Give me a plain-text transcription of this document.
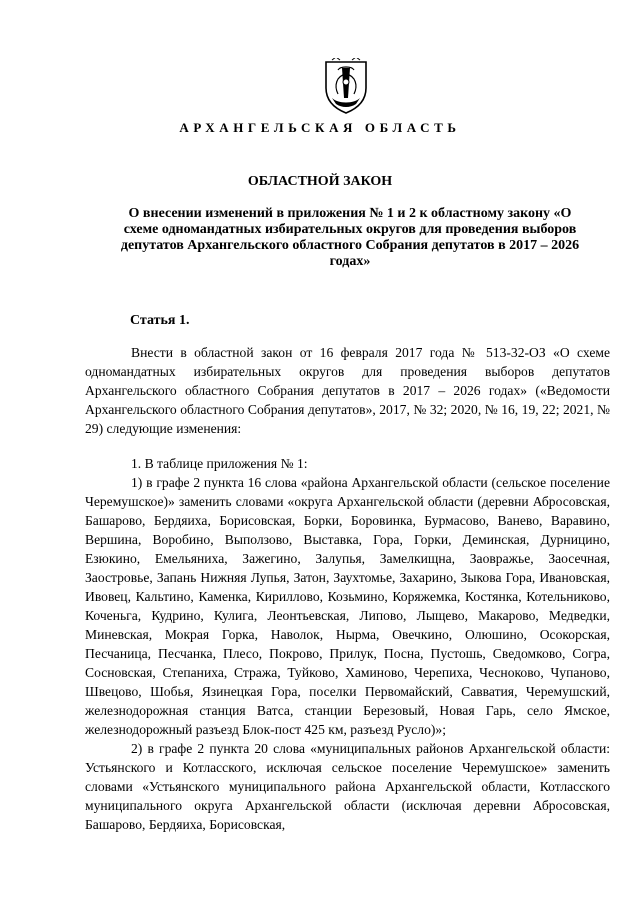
АРХАНГЕЛЬСКАЯ ОБЛАСТЬ
ОБЛАСТНОЙ ЗАКОН
О внесении изменений в приложения № 1 и 2 к областному закону «О схеме одномандатных избирательных округов для проведения выборов депутатов Архангельского областного Собрания депутатов в 2017 – 2026 годах»
Статья 1.

Внести в областной закон от 16 февраля 2017 года № 513-32-ОЗ «О схеме одномандатных избирательных округов для проведения выборов депутатов Архангельского областного Собрания депутатов в 2017 – 2026 годах» («Ведомости Архангельского областного Собрания депутатов», 2017, № 32; 2020, № 16, 19, 22; 2021, № 29) следующие изменения:

1. В таблице приложения № 1:

1) в графе 2 пункта 16 слова «района Архангельской области (сельское поселение Черемушское)» заменить словами «округа Архангельской области (деревни Абросовская, Башарово, Бердяиха, Борисовская, Борки, Боровинка, Бурмасово, Ванево, Варавино, Вершина, Воробино, Выползово, Выставка, Гора, Горки, Деминская, Дурницино, Езюкино, Емельяниха, Зажегино, Залупья, Замелкищна, Заовражье, Заосечная, Заостровье, Запань Нижняя Лупья, Затон, Заухтомье, Захарино, Зыкова Гора, Ивановская, Ивовец, Кальтино, Каменка, Кириллово, Козьмино, Коряжемка, Костянка, Котельниково, Коченьга, Кудрино, Кулига, Леонтьевская, Липово, Лыщево, Макарово, Медведки, Миневская, Мокрая Горка, Наволок, Нырма, Овечкино, Олюшино, Осокорская, Песчаница, Песчанка, Плесо, Покрово, Прилук, Посна, Пустошь, Сведомково, Согра, Сосновская, Степаниха, Стража, Туйково, Хаминово, Черепиха, Чесноково, Чупаново, Швецово, Шобья, Язинецкая Гора, поселки Первомайский, Савватия, Черемушский, железнодорожная станция Ватса, станции Березовый, Новая Гарь, село Ямское, железнодорожный разъезд Блок-пост 425 км, разъезд Русло)»;

2) в графе 2 пункта 20 слова «муниципальных районов Архангельской области: Устьянского и Котласского, исключая сельское поселение Черемушское» заменить словами «Устьянского муниципального района Архангельской области, Котласского муниципального округа Архангельской области (исключая деревни Абросовская, Башарово, Бердяиха, Борисовская,
